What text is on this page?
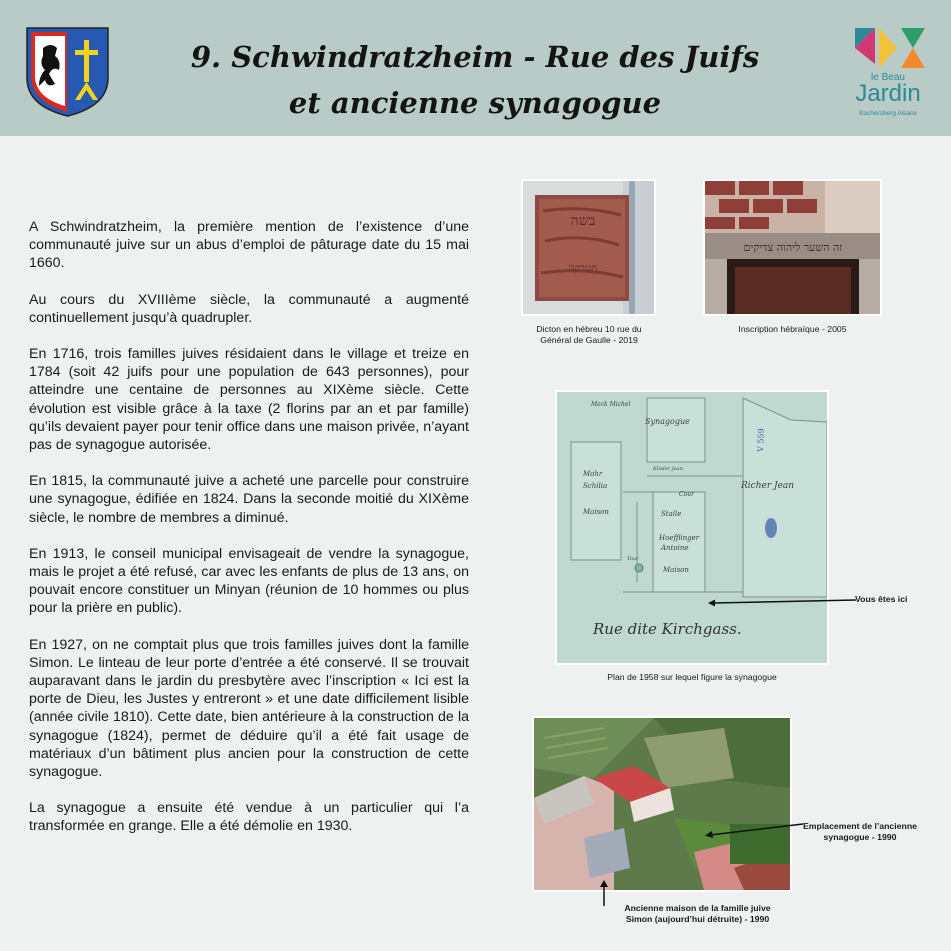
9. Schwindratzheim - Rue des Juifs
et ancienne synagogue
le Beau
Jardin
Kochersberg Alsace

A Schwindratzheim, la première mention de l’existence d’une communauté juive sur un abus d’emploi de pâturage date du 15 mai 1660.

Au cours du XVIIIème siècle, la communauté a augmenté continuellement jusqu’à quadrupler.

En 1716, trois familles juives résidaient dans le village et treize en 1784 (soit 42 juifs pour une population de 643 personnes), pour atteindre une centaine de personnes au XIXème siècle. Cette évolution est visible grâce à la taxe (2 florins par an et par famille) qu’ils devaient payer pour tenir office dans une maison privée, n’ayant pas de synagogue autorisée.

En 1815, la communauté juive a acheté une parcelle pour construire une synagogue, édifiée en 1824. Dans la seconde moitié du XIXème siècle, le nombre de membres a diminué.

En 1913, le conseil municipal envisageait de vendre la synagogue, mais le projet a été refusé, car avec les enfants de plus de 13 ans, on pouvait encore constituer un Minyan (réunion de 10 hommes ou plus pour la prière en public).

En 1927, on ne comptait plus que trois familles juives dont la famille Simon. Le linteau de leur porte d’entrée a été conservé. Il se trouvait auparavant dans le jardin du presbytère avec l’inscription « Ici est la porte de Dieu, les Justes y entreront » et une date difficilement lisible (année civile 1810). Cette date, bien antérieure à la construction de la synagogue (1824), permet de déduire qu’il a été fait usage de matériaux d’un bâtiment plus ancien pour la construction de cette synagogue.

La synagogue a ensuite été vendue à un particulier qui l’a transformée en grange. Elle a été démolie en 1930.

בשה
תטרקה
Dicton en hébreu 10 rue du
Général de Gaulle - 2019
זה השער ליהוה צדיקים
Inscription hébraïque - 2005
Synagogue
Richer Jean
V 559
Meck Michel
Kinder Jean
Mohr
Schilia
Maison
Cour
Stalle
Hoefflinger
Antoine
Maison
Tour
Rue dite Kirchgass.
Vous êtes ici
Plan de 1958 sur lequel figure la synagogue
Emplacement de l’ancienne
synagogue - 1990
Ancienne maison de la famille juive
Simon (aujourd’hui détruite) - 1990
